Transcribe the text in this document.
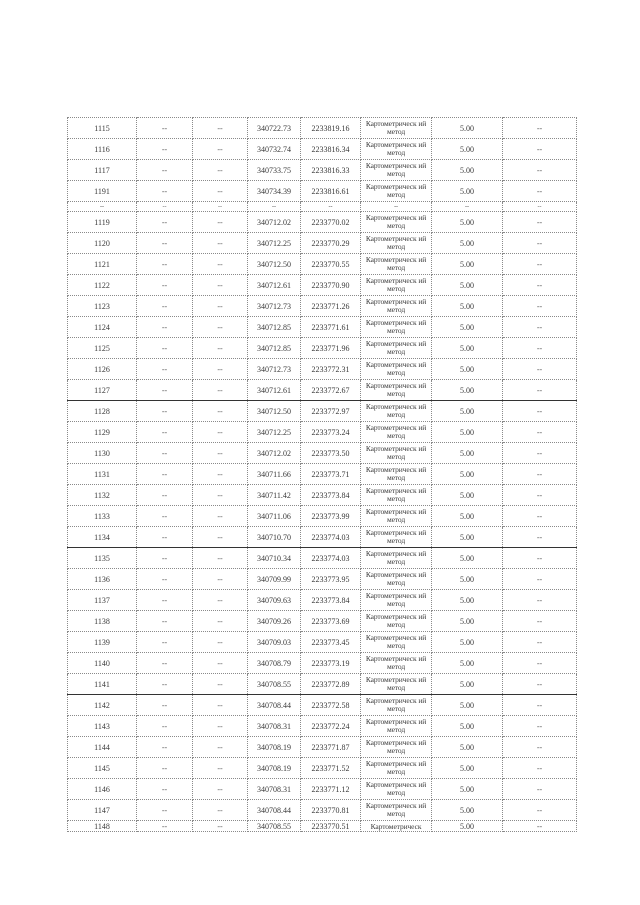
1115	--	--	340722.73	2233819.16	Картометрическ ий метод	5.00	--
1116	--	--	340732.74	2233816.34	Картометрическ ий метод	5.00	--
1117	--	--	340733.75	2233816.33	Картометрическ ий метод	5.00	--
1191	--	--	340734.39	2233816.61	Картометрическ ий метод	5.00	--
--	--	--	--	--	--	--	--
1119	--	--	340712.02	2233770.02	Картометрическ ий метод	5.00	--
1120	--	--	340712.25	2233770.29	Картометрическ ий метод	5.00	--
1121	--	--	340712.50	2233770.55	Картометрическ ий метод	5.00	--
1122	--	--	340712.61	2233770.90	Картометрическ ий метод	5.00	--
1123	--	--	340712.73	2233771.26	Картометрическ ий метод	5.00	--
1124	--	--	340712.85	2233771.61	Картометрическ ий метод	5.00	--
1125	--	--	340712.85	2233771.96	Картометрическ ий метод	5.00	--
1126	--	--	340712.73	2233772.31	Картометрическ ий метод	5.00	--
1127	--	--	340712.61	2233772.67	Картометрическ ий метод	5.00	--
1128	--	--	340712.50	2233772.97	Картометрическ ий метод	5.00	--
1129	--	--	340712.25	2233773.24	Картометрическ ий метод	5.00	--
1130	--	--	340712.02	2233773.50	Картометрическ ий метод	5.00	--
1131	--	--	340711.66	2233773.71	Картометрическ ий метод	5.00	--
1132	--	--	340711.42	2233773.84	Картометрическ ий метод	5.00	--
1133	--	--	340711.06	2233773.99	Картометрическ ий метод	5.00	--
1134	--	--	340710.70	2233774.03	Картометрическ ий метод	5.00	--
1135	--	--	340710.34	2233774.03	Картометрическ ий метод	5.00	--
1136	--	--	340709.99	2233773.95	Картометрическ ий метод	5.00	--
1137	--	--	340709.63	2233773.84	Картометрическ ий метод	5.00	--
1138	--	--	340709.26	2233773.69	Картометрическ ий метод	5.00	--
1139	--	--	340709.03	2233773.45	Картометрическ ий метод	5.00	--
1140	--	--	340708.79	2233773.19	Картометрическ ий метод	5.00	--
1141	--	--	340708.55	2233772.89	Картометрическ ий метод	5.00	--
1142	--	--	340708.44	2233772.58	Картометрическ ий метод	5.00	--
1143	--	--	340708.31	2233772.24	Картометрическ ий метод	5.00	--
1144	--	--	340708.19	2233771.87	Картометрическ ий метод	5.00	--
1145	--	--	340708.19	2233771.52	Картометрическ ий метод	5.00	--
1146	--	--	340708.31	2233771.12	Картометрическ ий метод	5.00	--
1147	--	--	340708.44	2233770.81	Картометрическ ий метод	5.00	--
1148	--	--	340708.55	2233770.51	Картометрическ	5.00	--
